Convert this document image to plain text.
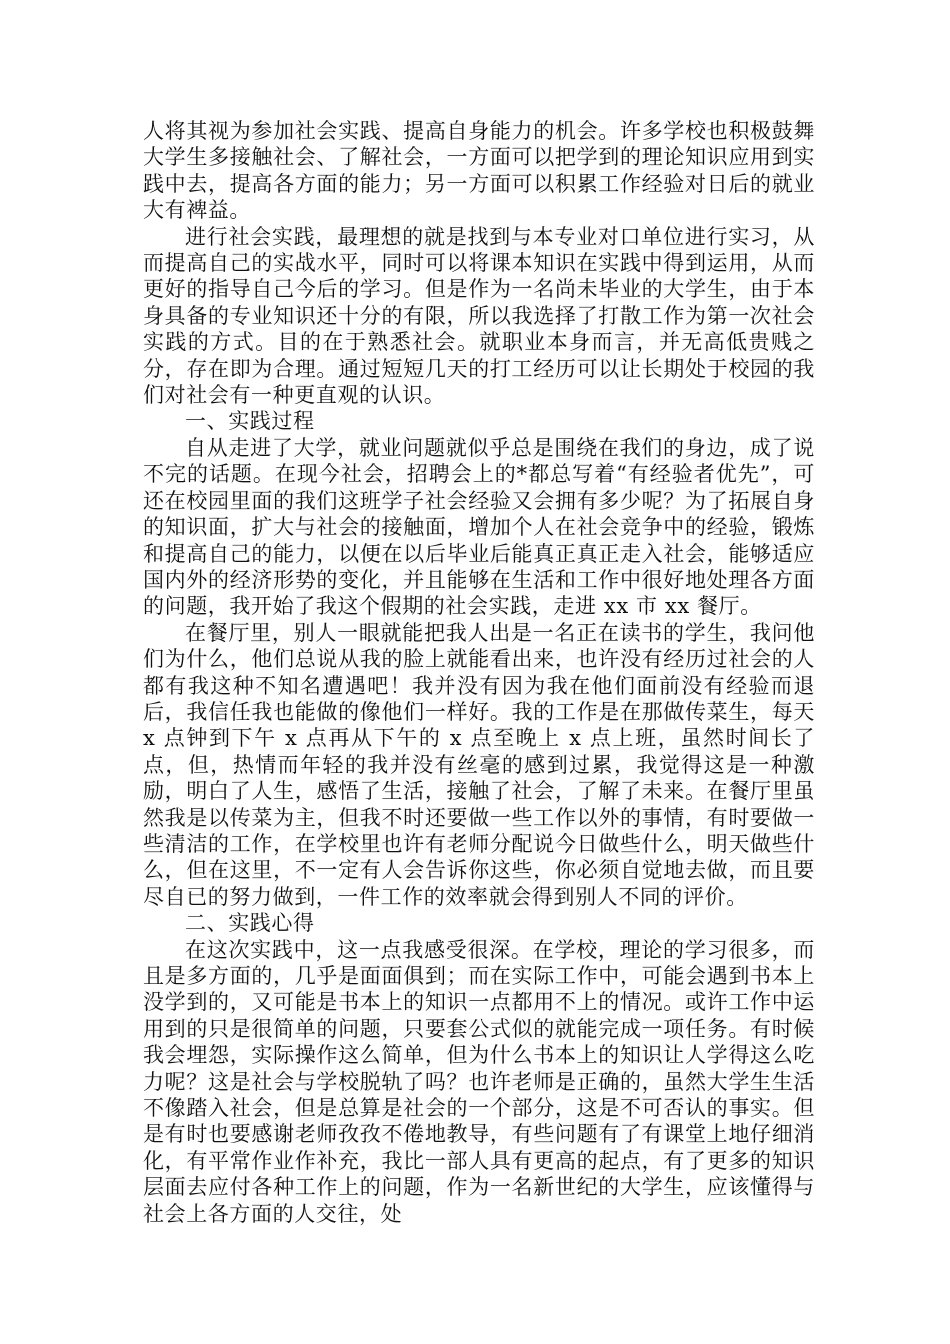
人将其视为参加社会实践、提高自身能力的机会。许多学校也积极鼓舞大学生多接触社会、了解社会，一方面可以把学到的理论知识应用到实践中去，提高各方面的能力；另一方面可以积累工作经验对日后的就业大有裨益。

进行社会实践，最理想的就是找到与本专业对口单位进行实习，从而提高自己的实战水平，同时可以将课本知识在实践中得到运用，从而更好的指导自己今后的学习。但是作为一名尚未毕业的大学生，由于本身具备的专业知识还十分的有限，所以我选择了打散工作为第一次社会实践的方式。目的在于熟悉社会。就职业本身而言，并无高低贵贱之分，存在即为合理。通过短短几天的打工经历可以让长期处于校园的我们对社会有一种更直观的认识。

一、实践过程

自从走进了大学，就业问题就似乎总是围绕在我们的身边，成了说不完的话题。在现今社会，招聘会上的*都总写着“有经验者优先”，可还在校园里面的我们这班学子社会经验又会拥有多少呢？为了拓展自身的知识面，扩大与社会的接触面，增加个人在社会竞争中的经验，锻炼和提高自己的能力，以便在以后毕业后能真正真正走入社会，能够适应国内外的经济形势的变化，并且能够在生活和工作中很好地处理各方面的问题，我开始了我这个假期的社会实践，走进 xx 市 xx 餐厅。

在餐厅里，别人一眼就能把我人出是一名正在读书的学生，我问他们为什么，他们总说从我的脸上就能看出来，也许没有经历过社会的人都有我这种不知名遭遇吧！我并没有因为我在他们面前没有经验而退后，我信任我也能做的像他们一样好。我的工作是在那做传菜生，每天 x 点钟到下午 x 点再从下午的 x 点至晚上 x 点上班，虽然时间长了点，但，热情而年轻的我并没有丝毫的感到过累，我觉得这是一种激励，明白了人生，感悟了生活，接触了社会，了解了未来。在餐厅里虽然我是以传菜为主，但我不时还要做一些工作以外的事情，有时要做一些清洁的工作，在学校里也许有老师分配说今日做些什么，明天做些什么，但在这里，不一定有人会告诉你这些，你必须自觉地去做，而且要尽自已的努力做到，一件工作的效率就会得到别人不同的评价。

二、实践心得

在这次实践中，这一点我感受很深。在学校，理论的学习很多，而且是多方面的，几乎是面面俱到；而在实际工作中，可能会遇到书本上没学到的，又可能是书本上的知识一点都用不上的情况。或许工作中运用到的只是很简单的问题，只要套公式似的就能完成一项任务。有时候我会埋怨，实际操作这么简单，但为什么书本上的知识让人学得这么吃力呢？这是社会与学校脱轨了吗？也许老师是正确的，虽然大学生生活不像踏入社会，但是总算是社会的一个部分，这是不可否认的事实。但是有时也要感谢老师孜孜不倦地教导，有些问题有了有课堂上地仔细消化，有平常作业作补充，我比一部人具有更高的起点，有了更多的知识层面去应付各种工作上的问题，作为一名新世纪的大学生，应该懂得与社会上各方面的人交往，处
